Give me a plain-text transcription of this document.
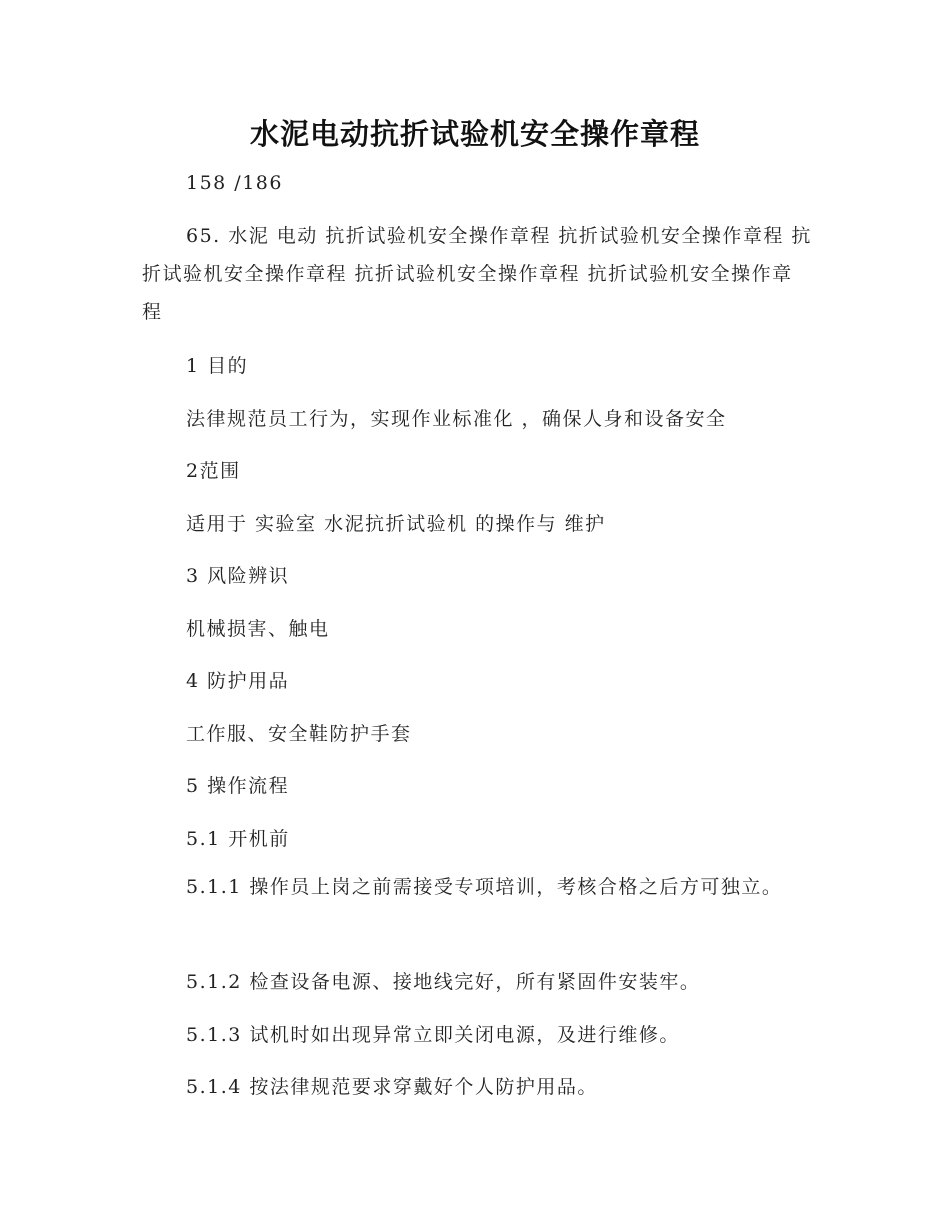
水泥电动抗折试验机安全操作章程
158 /186
65. 水泥 电动 抗折试验机安全操作章程 抗折试验机安全操作章程 抗折试验机安全操作章程 抗折试验机安全操作章程 抗折试验机安全操作章程
1 目的
法律规范员工行为，实现作业标准化 ，确保人身和设备安全
2范围
适用于 实验室 水泥抗折试验机 的操作与 维护
3 风险辨识
机械损害、触电
4 防护用品
工作服、安全鞋防护手套
5 操作流程
5.1 开机前
5.1.1 操作员上岗之前需接受专项培训，考核合格之后方可独立。
5.1.2 检查设备电源、接地线完好，所有紧固件安装牢。
5.1.3 试机时如出现异常立即关闭电源，及进行维修。
5.1.4 按法律规范要求穿戴好个人防护用品。
